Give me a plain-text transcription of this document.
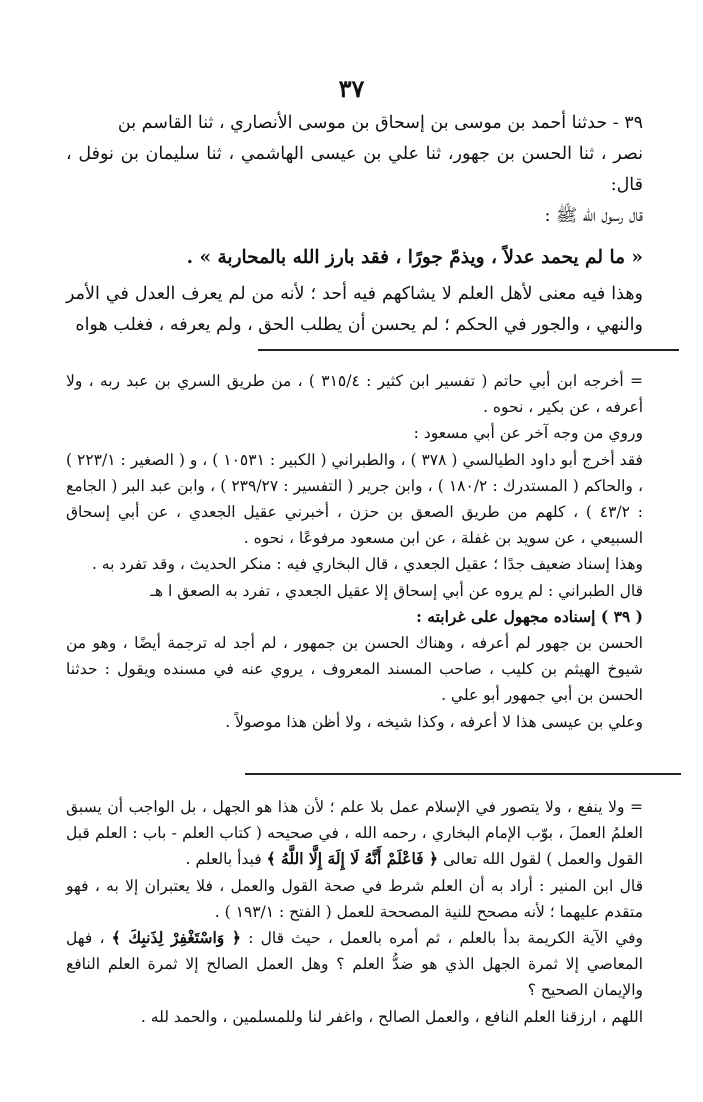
٣٧

٣٩ - حدثنا أحمد بن موسى بن إسحاق بن موسى الأنصاري ، ثنا القاسم بن

نصر ، ثنا الحسن بن جهور، ثنا علي بن عيسى الهاشمي ، ثنا سليمان بن نوفل ، قال:

قال رسول الله ﷺ :

« ما لم يحمد عدلاً ، ويذمّ جورًا ، فقد بارز الله بالمحاربة » .

وهذا فيه معنى لأهل العلم لا يشاكهم فيه أحد ؛ لأنه من لم يعرف العدل في الأمر والنهي ، والجور في الحكم ؛ لم يحسن أن يطلب الحق ، ولم يعرفه ، فغلب هواه

= أخرجه ابن أبي حاتم ( تفسير ابن كثير : ٣١٥/٤ ) ، من طريق السري بن عبد ربه ، ولا أعرفه ، عن بكير ، نحوه .

وروي من وجه آخر عن أبي مسعود :

فقد أخرج أبو داود الطيالسي ( ٣٧٨ ) ، والطبراني ( الكبير : ١٠٥٣١ ) ، و ( الصغير : ٢٢٣/١ ) ، والحاكم ( المستدرك : ١٨٠/٢ ) ، وابن جرير ( التفسير : ٢٣٩/٢٧ ) ، وابن عبد البر ( الجامع : ٤٣/٢ ) ، كلهم من طريق الصعق بن حزن ، أخبرني عقيل الجعدي ، عن أبي إسحاق السبيعي ، عن سويد بن غفلة ، عن ابن مسعود مرفوعًا ، نحوه .

وهذا إسناد ضعيف جدًا ؛ عقيل الجعدي ، قال البخاري فيه : منكر الحديث ، وقد تفرد به .

قال الطبراني : لم يروه عن أبي إسحاق إلا عقيل الجعدي ، تفرد به الصعق ا هـ

( ٣٩ ) إسناده مجهول على غرابته :

الحسن بن جهور لم أعرفه ، وهناك الحسن بن جمهور ، لم أجد له ترجمة أيضًا ، وهو من شيوخ الهيثم بن كليب ، صاحب المسند المعروف ، يروي عنه في مسنده ويقول : حدثنا الحسن بن أبي جمهور أبو علي .

وعلي بن عيسى هذا لا أعرفه ، وكذا شيخه ، ولا أظن هذا موصولاً .

= ولا ينفع ، ولا يتصور في الإسلام عمل بلا علم ؛ لأن هذا هو الجهل ، بل الواجب أن يسبق العلمُ العملَ ، بوّب الإمام البخاري ، رحمه الله ، في صحيحه ( كتاب العلم - باب : العلم قبل القول والعمل ) لقول الله تعالى ﴿ فَاعْلَمْ أَنَّهُ لَا إِلَهَ إِلَّا اللَّهُ ﴾ فبدأ بالعلم .

قال ابن المنير : أراد به أن العلم شرط في صحة القول والعمل ، فلا يعتبران إلا به ، فهو متقدم عليهما ؛ لأنه مصحح للنية المصححة للعمل ( الفتح : ١٩٣/١ ) .

وفي الآية الكريمة بدأ بالعلم ، ثم أمره بالعمل ، حيث قال : ﴿ وَاسْتَغْفِرْ لِذَنبِكَ ﴾ ، فهل المعاصي إلا ثمرة الجهل الذي هو ضدُّ العلم ؟ وهل العمل الصالح إلا ثمرة العلم النافع والإيمان الصحيح ؟

اللهم ، ارزقنا العلم النافع ، والعمل الصالح ، واغفر لنا وللمسلمين ، والحمد لله .
